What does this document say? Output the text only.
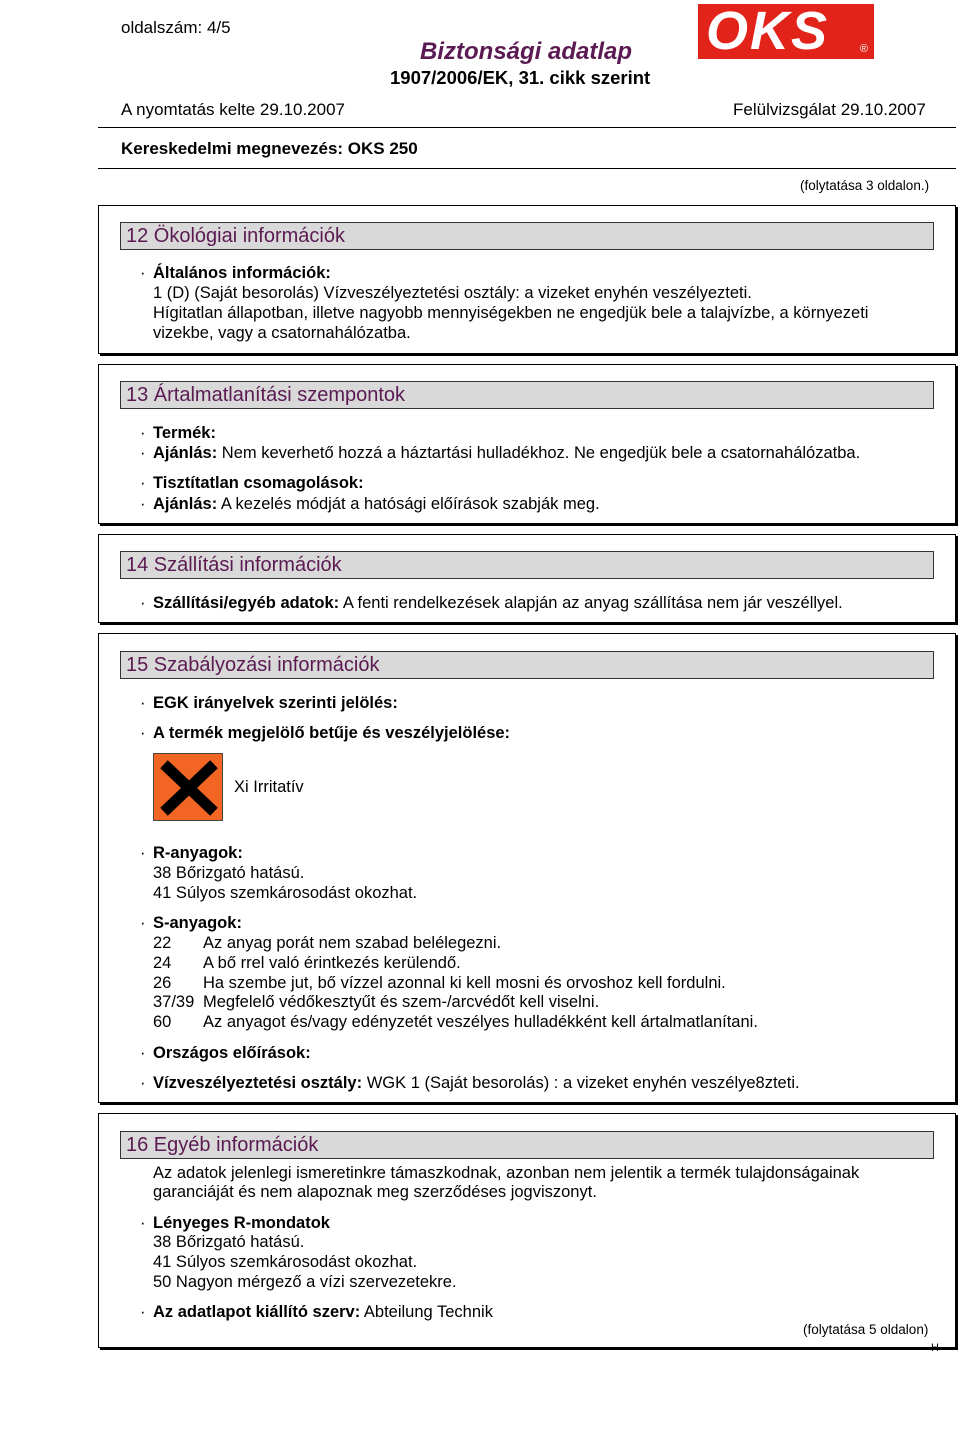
oldalszám: 4/5
Biztonsági adatlap
1907/2006/EK, 31. cikk szerint
OKS	®
A nyomtatás kelte 29.10.2007	Felülvizsgálat 29.10.2007
Kereskedelmi megnevezés: OKS 250
(folytatása 3 oldalon.)
12 Ökológiai információk
· Általános információk:
1 (D) (Saját besorolás) Vízveszélyeztetési osztály: a vizeket enyhén veszélyezteti.
Hígitatlan állapotban, illetve nagyobb mennyiségekben ne engedjük bele a talajvízbe, a környezeti
vizekbe, vagy a csatornahálózatba.
13 Ártalmatlanítási szempontok
· Termék:
· Ajánlás: Nem keverhető hozzá a háztartási hulladékhoz. Ne engedjük bele a csatornahálózatba.
· Tisztítatlan csomagolások:
· Ajánlás: A kezelés módját a hatósági előírások szabják meg.
14 Szállítási információk
· Szállítási/egyéb adatok: A fenti rendelkezések alapján az anyag szállítása nem jár veszéllyel.
15 Szabályozási információk
· EGK irányelvek szerinti jelölés:
· A termék megjelölő betűje és veszélyjelölése:
Xi Irritatív
· R-anyagok:
38 Bőrizgató hatású.
41 Súlyos szemkárosodást okozhat.
· S-anyagok:
22 Az anyag porát nem szabad belélegezni.
24 A bő rrel való érintkezés kerülendő.
26 Ha szembe jut, bő vízzel azonnal ki kell mosni és orvoshoz kell fordulni.
37/39 Megfelelő védőkesztyűt és szem-/arcvédőt kell viselni.
60 Az anyagot és/vagy edényzetét veszélyes hulladékként kell ártalmatlanítani.
· Országos előírások:
· Vízveszélyeztetési osztály: WGK 1 (Saját besorolás) : a vizeket enyhén veszélye8zteti.
16 Egyéb információk
Az adatok jelenlegi ismeretinkre támaszkodnak, azonban nem jelentik a termék tulajdonságainak
garanciáját és nem alapoznak meg szerződéses jogviszonyt.
· Lényeges R-mondatok
38 Bőrizgató hatású.
41 Súlyos szemkárosodást okozhat.
50 Nagyon mérgező a vízi szervezetekre.
· Az adatlapot kiállító szerv: Abteilung Technik
(folytatása 5 oldalon)
H
